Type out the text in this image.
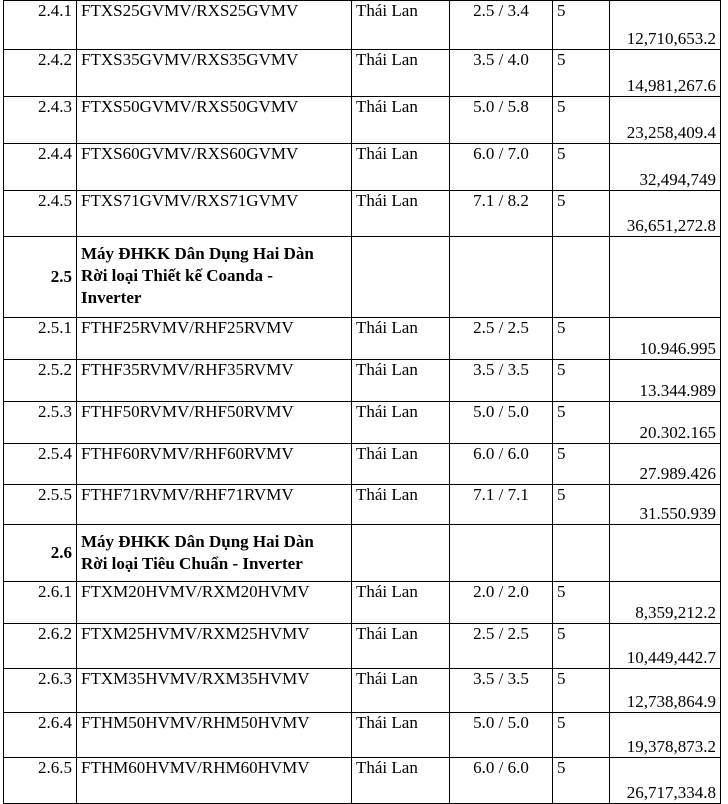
2.4.1	FTXS25GVMV/RXS25GVMV	Thái Lan	2.5 / 3.4	5	12,710,653.2
2.4.2	FTXS35GVMV/RXS35GVMV	Thái Lan	3.5 / 4.0	5	14,981,267.6
2.4.3	FTXS50GVMV/RXS50GVMV	Thái Lan	5.0 / 5.8	5	23,258,409.4
2.4.4	FTXS60GVMV/RXS60GVMV	Thái Lan	6.0 / 7.0	5	32,494,749
2.4.5	FTXS71GVMV/RXS71GVMV	Thái Lan	7.1 / 8.2	5	36,651,272.8
2.5	Máy ĐHKK Dân Dụng Hai Dàn
Rời loại Thiết kế Coanda -
Inverter				

2.5.1	FTHF25RVMV/RHF25RVMV	Thái Lan	2.5 / 2.5	5	10.946.995
2.5.2	FTHF35RVMV/RHF35RVMV	Thái Lan	3.5 / 3.5	5	13.344.989
2.5.3	FTHF50RVMV/RHF50RVMV	Thái Lan	5.0 / 5.0	5	20.302.165
2.5.4	FTHF60RVMV/RHF60RVMV	Thái Lan	6.0 / 6.0	5	27.989.426
2.5.5	FTHF71RVMV/RHF71RVMV	Thái Lan	7.1 / 7.1	5	31.550.939
2.6	Máy ĐHKK Dân Dụng Hai Dàn
Rời loại Tiêu Chuẩn - Inverter				

2.6.1	FTXM20HVMV/RXM20HVMV	Thái Lan	2.0 / 2.0	5	8,359,212.2
2.6.2	FTXM25HVMV/RXM25HVMV	Thái Lan	2.5 / 2.5	5	10,449,442.7
2.6.3	FTXM35HVMV/RXM35HVMV	Thái Lan	3.5 / 3.5	5	12,738,864.9
2.6.4	FTHM50HVMV/RHM50HVMV	Thái Lan	5.0 / 5.0	5	19,378,873.2
2.6.5	FTHM60HVMV/RHM60HVMV	Thái Lan	6.0 / 6.0	5	26,717,334.8
